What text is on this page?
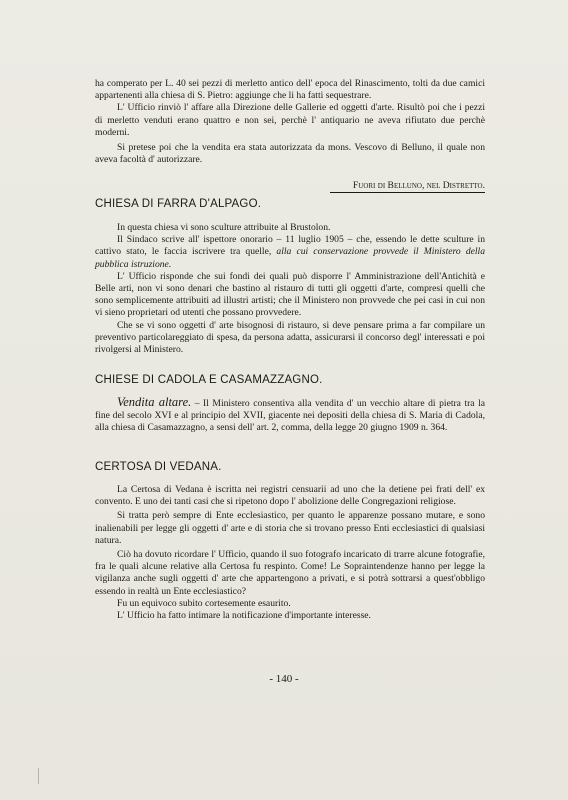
ha comperato per L. 40 sei pezzi di merletto antico dell' epoca del Rinascimento, tolti da due camici appartenenti alla chiesa di S. Pietro: aggiunge che li ha fatti sequestrare.

L' Ufficio rinviò l' affare alla Direzione delle Gallerie ed oggetti d'arte. Risultò poi che i pezzi di merletto venduti erano quattro e non sei, perchè l' antiquario ne aveva rifiutato due perchè moderni.

Si pretese poi che la vendita era stata autorizzata da mons. Vescovo di Belluno, il quale non aveva facoltà d' autorizzare.

Fuori di Belluno, nel Distretto.
CHIESA DI FARRA D'ALPAGO.

In questa chiesa vi sono sculture attribuite al Brustolon.

Il Sindaco scrive all' ispettore onorario – 11 luglio 1905 – che, essendo le dette sculture in cattivo stato, le faccia iscrivere tra quelle, alla cui conservazione provvede il Ministero della pubblica istruzione.

L' Ufficio risponde che sui fondi dei quali può disporre l' Amministrazione dell'Antichità e Belle arti, non vi sono denari che bastino al ristauro di tutti gli oggetti d'arte, compresi quelli che sono semplicemente attribuiti ad illustri artisti; che il Ministero non provvede che pei casi in cui non vi sieno proprietari od utenti che possano provvedere.

Che se vi sono oggetti d' arte bisognosi di ristauro, si deve pensare prima a far compilare un preventivo particolareggiato di spesa, da persona adatta, assicurarsi il concorso degl' interessati e poi rivolgersi al Ministero.

CHIESE DI CADOLA E CASAMAZZAGNO.

Vendita altare. – Il Ministero consentiva alla vendita d' un vecchio altare di pietra tra la fine del secolo XVI e al principio del XVII, giacente nei depositi della chiesa di S. Maria di Cadola, alla chiesa di Casamazzagno, a sensi dell' art. 2, comma, della legge 20 giugno 1909 n. 364.

CERTOSA DI VEDANA.

La Certosa di Vedana è iscritta nei registri censuarii ad uno che la detiene pei frati dell' ex convento. E uno dei tanti casi che si ripetono dopo l' abolizione delle Congregazioni religiose.

Si tratta però sempre di Ente ecclesiastico, per quanto le apparenze possano mutare, e sono inalienabili per legge gli oggetti d' arte e di storia che si trovano presso Enti ecclesiastici di qualsiasi natura.

Ciò ha dovuto ricordare l' Ufficio, quando il suo fotografo incaricato di trarre alcune fotografie, fra le quali alcune relative alla Certosa fu respinto. Come! Le Sopraintendenze hanno per legge la vigilanza anche sugli oggetti d' arte che appartengono a privati, e si potrà sottrarsi a quest'obbligo essendo in realtà un Ente ecclesiastico?

Fu un equivoco subito cortesemente esaurito.

L' Ufficio ha fatto intimare la notificazione d'importante interesse.

- 140 -
